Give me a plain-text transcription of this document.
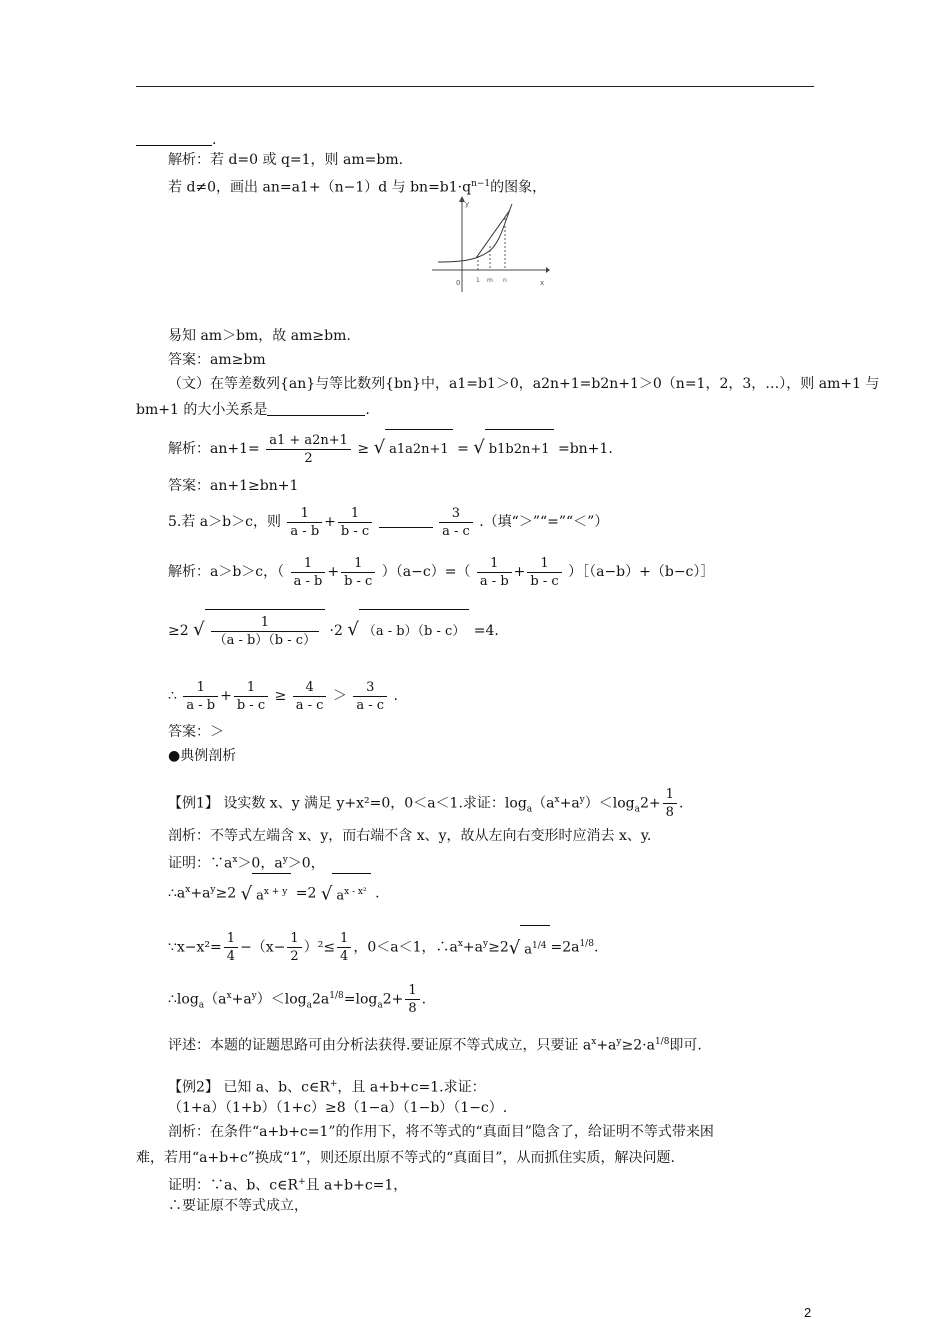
.
解析：若 d=0 或 q=1，则 am=bm.
若 d≠0，画出 an=a1+（n−1）d 与 $bn=b1\cdot q^{n-1}$的图象，
y
x
0	1 m n
易知 am＞bm，故 am≥bm.
答案：am≥bm
（文）在等差数列{an}与等比数列{bn}中，a1=b1＞0，a2n+1=b2n+1＞0（n=1，2，3，…），则 am+1 与
bm+1 的大小关系是	.
解析：$an+1= \frac{a1 + a2n+1}{2}$ ≥ √ a1a2n+1 = √ b1b2n+1 =bn+1.
答案：an+1≥bn+1
5.若 a＞b＞c，则 $\frac{1}{a - b} + \frac{1}{b - c}$
	$\frac{3}{a - c}$ .（填“＞”“=”“＜”）
解析：a＞b＞c，（ $\frac{1}{a - b} + \frac{1}{b - c} )(a-c)=( \frac{1}{a - b} + \frac{1}{b - c}$ ）［（a−b）+（b−c）］
≥2 √ $\frac{1}{(a - b)(b - c)} \cdot 2$ √ （a - b）（b - c） =4.
∴ $\frac{1}{a - b} + \frac{1}{b - c} \ge \frac{4}{a - c} > \frac{3}{a - c}$ .
答案：＞
●典例剖析
【例1】 设实数 x、y 满足 y+x²=0，0＜a＜1.求证：$\log_a(a^x+a^y)<\log_a2+ \frac{1}{8}$ .
剖析：不等式左端含 x、y，而右端不含 x、y，故从左向右变形时应消去 x、y.
证明：$\because a^x>0$，$a^y>0$，
$\therefore a^x+a^y\ge 2$ √ $a^{x + y} =2$ √ $a^{x - x^2}$ .
∵x−x²= $\frac{1}{4} -(x- \frac{1}{2} )^2\le \frac{1}{4}$ ，0＜a＜1，$\therefore a^x+a^y\ge 2√$ $a^{1/4} =2a^{1/8}$.
$\therefore\log_a(a^x+a^y)<\log_a2a^{1/8}=\log_a2+ \frac{1}{8}$ .
评述：本题的证题思路可由分析法获得.要证原不等式成立，只要证 $a^x+a^y\ge 2\cdot a^{1/8}$即可.
【例2】 已知 a、b、c∈R+，且 a+b+c=1.求证：
（1+a）（1+b）（1+c）≥8（1−a）（1−b）（1−c）.
剖析：在条件“a+b+c=1”的作用下，将不等式的“真面目”隐含了，给证明不等式带来困
难，若用“a+b+c”换成“1”，则还原出原不等式的“真面目”，从而抓住实质，解决问题.
证明：∵a、b、c∈R+且 a+b+c=1，
∴要证原不等式成立，
2
